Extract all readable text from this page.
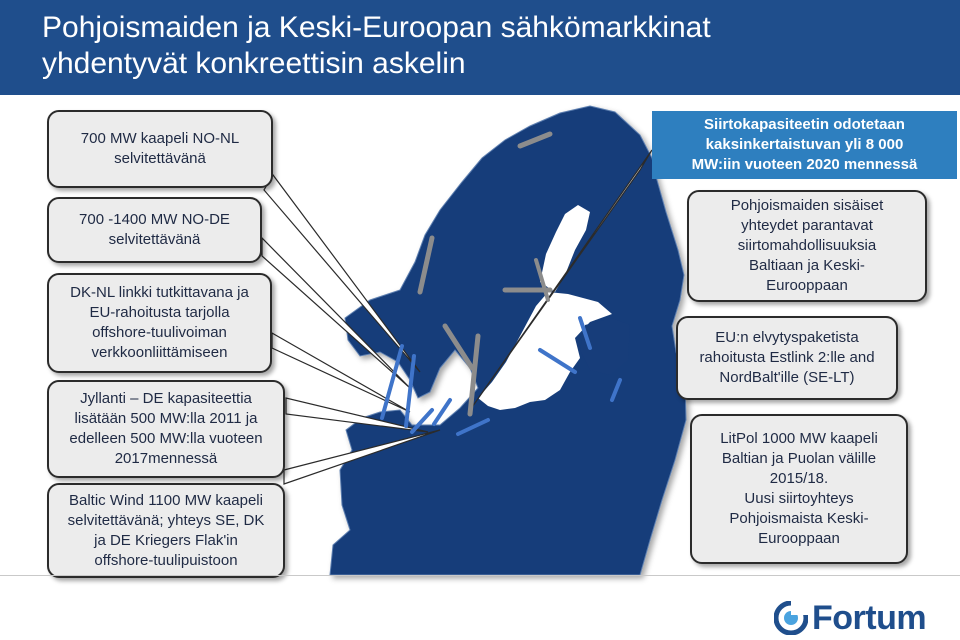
Pohjoismaiden ja Keski-Euroopan sähkömarkkinat
yhdentyvät konkreettisin askelin
700 MW kaapeli NO-NL
selvitettävänä
700 -1400 MW NO-DE
selvitettävänä
DK-NL linkki tutkittavana ja
EU-rahoitusta tarjolla
offshore-tuulivoiman
verkkoonliittämiseen
Jyllanti – DE kapasiteettia
lisätään 500 MW:lla 2011 ja
edelleen 500 MW:lla vuoteen
2017mennessä
Baltic Wind 1100 MW kaapeli
selvitettävänä; yhteys SE, DK
ja DE Kriegers Flak'in
offshore-tuulipuistoon
Siirtokapasiteetin odotetaan
kaksinkertaistuvan yli 8 000
MW:iin vuoteen 2020 mennessä
Pohjoismaiden sisäiset
yhteydet parantavat
siirtomahdollisuuksia
Baltiaan ja Keski-
Eurooppaan
EU:n elvytyspaketista
rahoitusta Estlink 2:lle and
NordBalt'ille (SE-LT)
LitPol 1000 MW kaapeli
Baltian ja Puolan välille
2015/18.
Uusi siirtoyhteys
Pohjoismaista Keski-
Eurooppaan
Fortum
